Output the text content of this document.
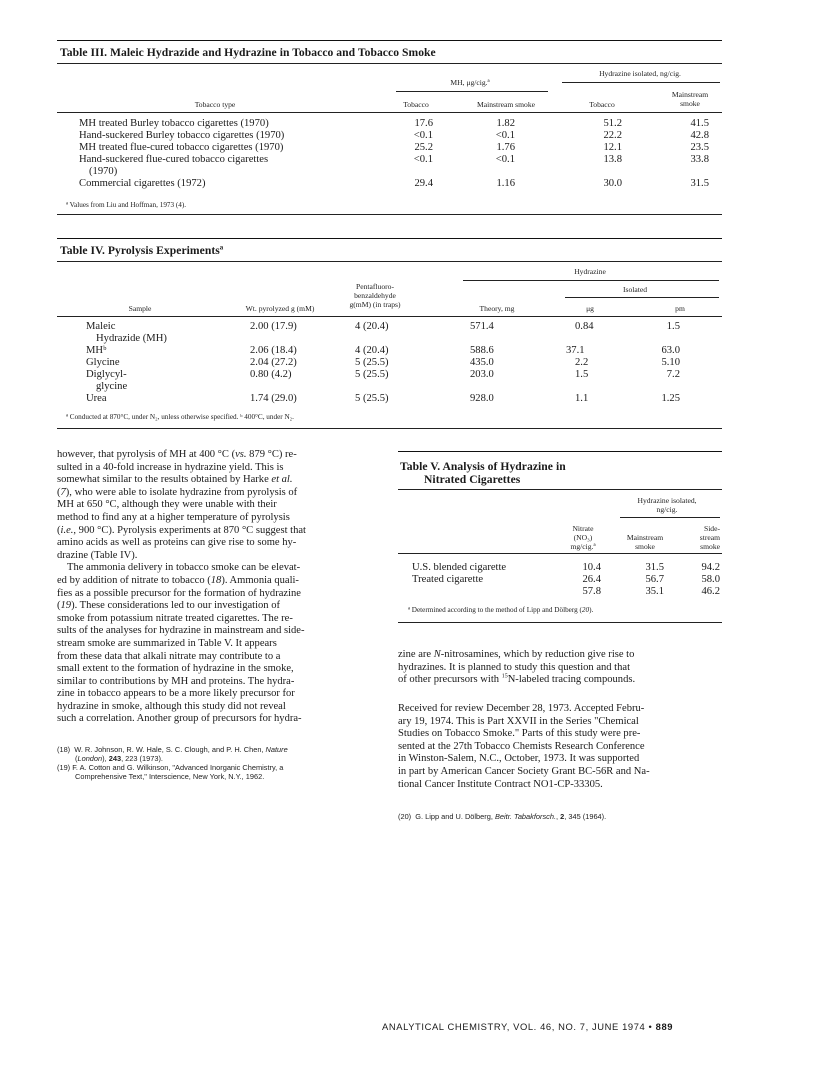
Table III. Maleic Hydrazide and Hydrazine in Tobacco and Tobacco Smoke
MH, μg/cig.ª
Hydrazine isolated, ng/cig.
Tobacco type	Tobacco	Mainstream smoke	Tobacco
Mainstream
smoke
MH treated Burley tobacco cigarettes (1970)	17.6	1.82	51.2	41.5
Hand-suckered Burley tobacco cigarettes (1970)	<0.1	<0.1	22.2	42.8
MH treated flue-cured tobacco cigarettes (1970)	25.2	1.76	12.1	23.5
Hand-suckered flue-cured tobacco cigarettes	<0.1	<0.1	13.8	33.8
(1970)
Commercial cigarettes (1972)	29.4	1.16	30.0	31.5
ª Values from Liu and Hoffman, 1973 (4).
Table IV. Pyrolysis Experimentsª
Hydrazine
Isolated
Pentafluoro-
benzaldehyde
g(mM) (in traps)
Sample	Wt. pyrolyzed g (mM)	Theory, mg	μg	pm
Maleic	2.00 (17.9)	4 (20.4)	571.4	0.84	1.5
Hydrazide (MH)
MHᵇ	2.06 (18.4)	4 (20.4)	588.6	37.1	63.0
Glycine	2.04 (27.2)	5 (25.5)	435.0	2.2	5.10
Diglycyl-	0.80 (4.2)	5 (25.5)	203.0	1.5	7.2
glycine
Urea	1.74 (29.0)	5 (25.5)	928.0	1.1	1.25
ª Conducted at 870°C, under N₂, unless otherwise specified. ᵇ 400°C, under N₂.
however, that pyrolysis of MH at 400 °C (vs. 879 °C) re-
sulted in a 40-fold increase in hydrazine yield. This is
somewhat similar to the results obtained by Harke et al.
(7), who were able to isolate hydrazine from pyrolysis of
MH at 650 °C, although they were unable with their
method to find any at a higher temperature of pyrolysis
(i.e., 900 °C). Pyrolysis experiments at 870 °C suggest that
amino acids as well as proteins can give rise to some hy-
drazine (Table IV).
The ammonia delivery in tobacco smoke can be elevat-
ed by addition of nitrate to tobacco (18). Ammonia quali-
fies as a possible precursor for the formation of hydrazine
(19). These considerations led to our investigation of
smoke from potassium nitrate treated cigarettes. The re-
sults of the analyses for hydrazine in mainstream and side-
stream smoke are summarized in Table V. It appears
from these data that alkali nitrate may contribute to a
small extent to the formation of hydrazine in the smoke,
similar to contributions by MH and proteins. The hydra-
zine in tobacco appears to be a more likely precursor for
hydrazine in smoke, although this study did not reveal
such a correlation. Another group of precursors for hydra-
(18)  W. R. Johnson, R. W. Hale, S. C. Clough, and P. H. Chen, Nature
(London), 243, 223 (1973).
(19) F. A. Cotton and G. Wilkinson, "Advanced Inorganic Chemistry, a
Comprehensive Text," Interscience, New York, N.Y., 1962.
Table V. Analysis of Hydrazine in
Nitrated Cigarettes
Hydrazine isolated,
ng/cig.
Nitrate
(NO₃)
mg/cig.ª
Mainstream
smoke
Side-
stream
smoke
U.S. blended cigarette	10.4	31.5	94.2
Treated cigarette	26.4	56.7	58.0
57.8	35.1	46.2
ª Determined according to the method of Lipp and Dölberg (20).
zine are N-nitrosamines, which by reduction give rise to
hydrazines. It is planned to study this question and that
of other precursors with $^{15}$N-labeled tracing compounds.
Received for review December 28, 1973. Accepted Febru-
ary 19, 1974. This is Part XXVII in the Series "Chemical
Studies on Tobacco Smoke." Parts of this study were pre-
sented at the 27th Tobacco Chemists Research Conference
in Winston-Salem, N.C., October, 1973. It was supported
in part by American Cancer Society Grant BC-56R and Na-
tional Cancer Institute Contract NO1-CP-33305.
(20)  G. Lipp and U. Dölberg, Beitr. Tabakforsch., 2, 345 (1964).
ANALYTICAL CHEMISTRY, VOL. 46, NO. 7, JUNE 1974 • 889
